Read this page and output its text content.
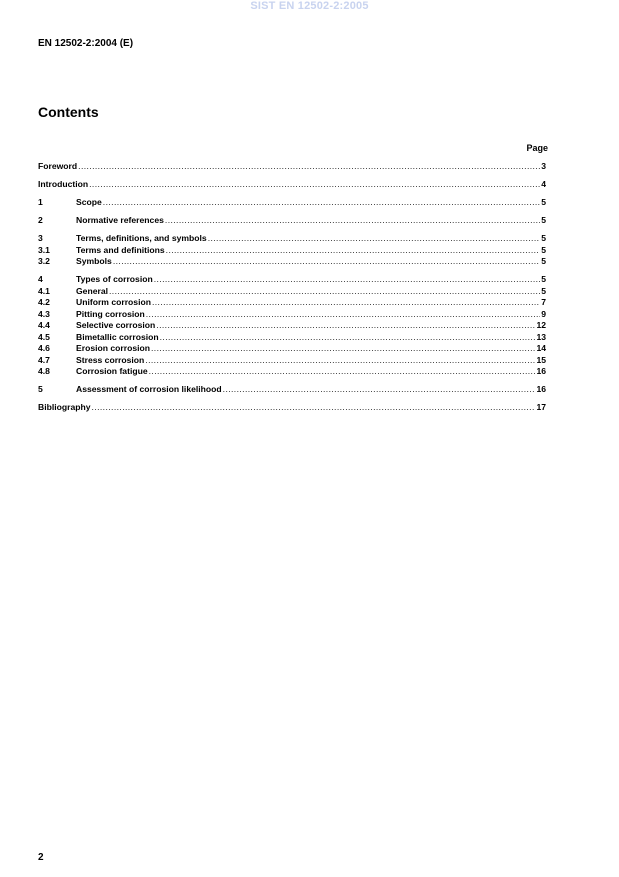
SIST EN 12502-2:2005
EN 12502-2:2004 (E)
Contents
Page
Foreword .....	3
Introduction .....	4
1	Scope .....	5
2	Normative references .....	5
3	Terms, definitions, and symbols .....	5
3.1	Terms and definitions .....	5
3.2	Symbols .....	5
4	Types of corrosion .....	5
4.1	General .....	5
4.2	Uniform corrosion .....	7
4.3	Pitting corrosion .....	9
4.4	Selective corrosion .....	12
4.5	Bimetallic corrosion .....	13
4.6	Erosion corrosion .....	14
4.7	Stress corrosion .....	15
4.8	Corrosion fatigue .....	16
5	Assessment of corrosion likelihood .....	16
Bibliography .....	17
2
